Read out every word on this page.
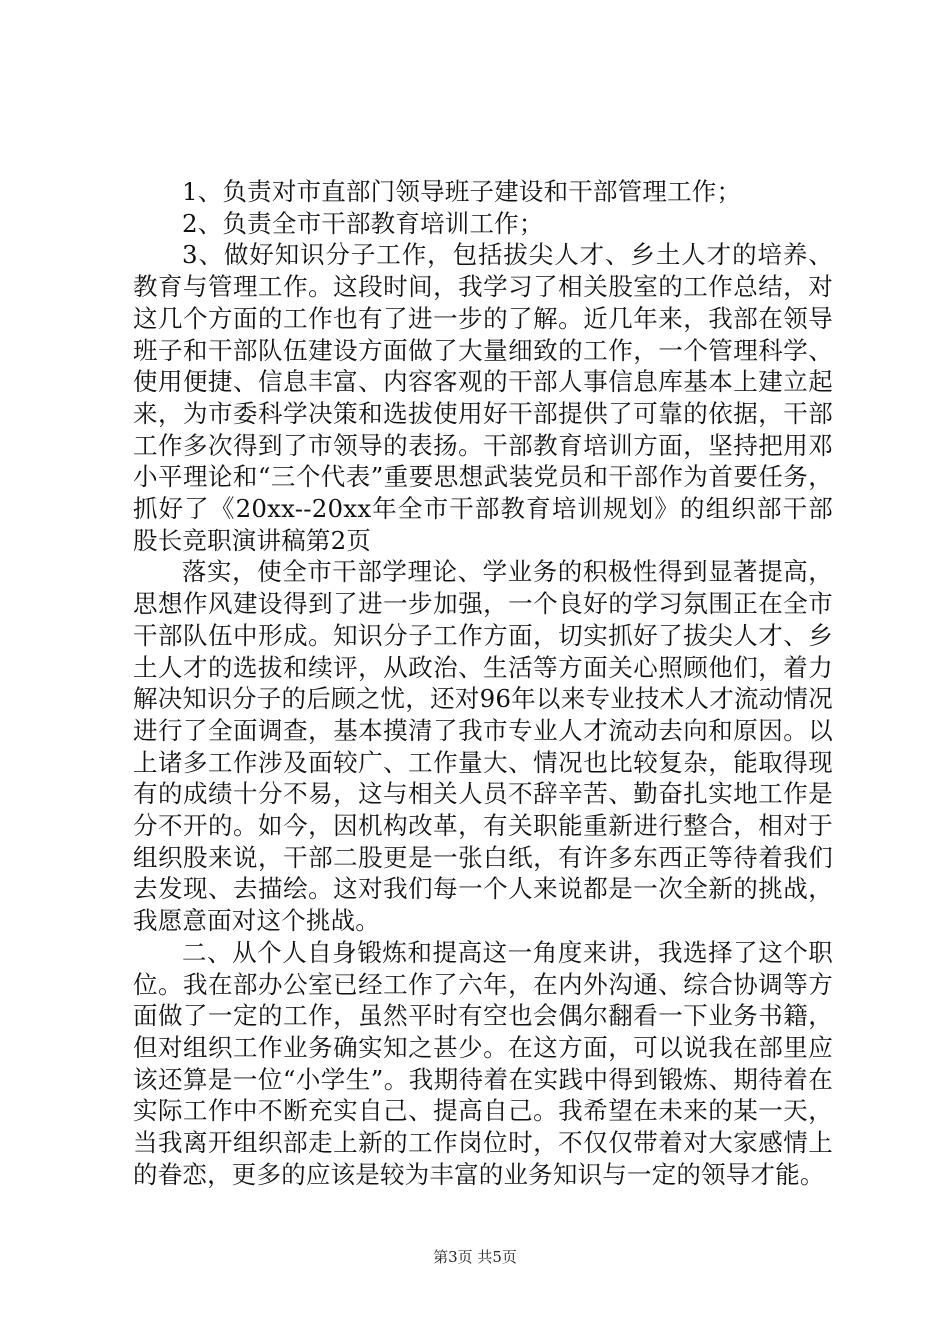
1、负责对市直部门领导班子建设和干部管理工作；

2、负责全市干部教育培训工作；

3、做好知识分子工作，包括拔尖人才、乡土人才的培养、教育与管理工作。这段时间，我学习了相关股室的工作总结，对这几个方面的工作也有了进一步的了解。近几年来，我部在领导班子和干部队伍建设方面做了大量细致的工作，一个管理科学、使用便捷、信息丰富、内容客观的干部人事信息库基本上建立起来，为市委科学决策和选拔使用好干部提供了可靠的依据，干部工作多次得到了市领导的表扬。干部教育培训方面，坚持把用邓小平理论和“三个代表”重要思想武装党员和干部作为首要任务，抓好了《20xx--20xx年全市干部教育培训规划》的组织部干部股长竞职演讲稿第2页

落实，使全市干部学理论、学业务的积极性得到显著提高，思想作风建设得到了进一步加强，一个良好的学习氛围正在全市干部队伍中形成。知识分子工作方面，切实抓好了拔尖人才、乡土人才的选拔和续评，从政治、生活等方面关心照顾他们，着力解决知识分子的后顾之忧，还对96年以来专业技术人才流动情况进行了全面调查，基本摸清了我市专业人才流动去向和原因。以上诸多工作涉及面较广、工作量大、情况也比较复杂，能取得现有的成绩十分不易，这与相关人员不辞辛苦、勤奋扎实地工作是分不开的。如今，因机构改革，有关职能重新进行整合，相对于组织股来说，干部二股更是一张白纸，有许多东西正等待着我们去发现、去描绘。这对我们每一个人来说都是一次全新的挑战，我愿意面对这个挑战。

二、从个人自身锻炼和提高这一角度来讲，我选择了这个职位。我在部办公室已经工作了六年，在内外沟通、综合协调等方面做了一定的工作，虽然平时有空也会偶尔翻看一下业务书籍，但对组织工作业务确实知之甚少。在这方面，可以说我在部里应该还算是一位“小学生”。我期待着在实践中得到锻炼、期待着在实际工作中不断充实自己、提高自己。我希望在未来的某一天，当我离开组织部走上新的工作岗位时，不仅仅带着对大家感情上的眷恋，更多的应该是较为丰富的业务知识与一定的领导才能。

第3页 共5页
